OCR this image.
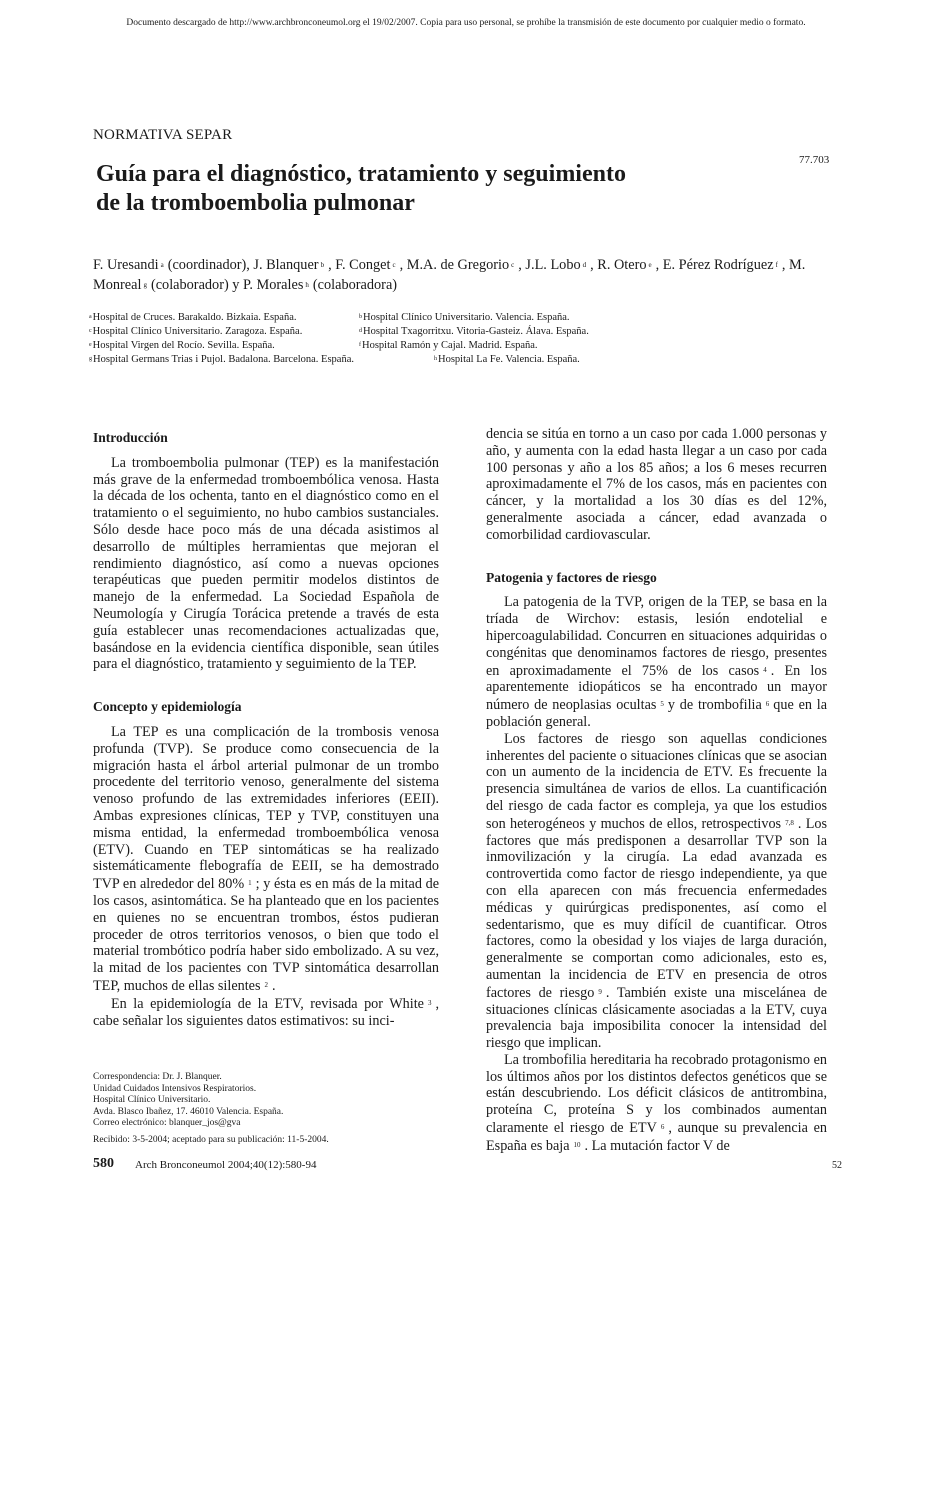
Documento descargado de http://www.archbronconeumol.org el 19/02/2007. Copia para uso personal, se prohíbe la transmisión de este documento por cualquier medio o formato.
NORMATIVA SEPAR
77.703
Guía para el diagnóstico, tratamiento y seguimiento
de la tromboembolia pulmonar
F. Uresandi $^a$ (coordinador), J. Blanquer $^b$ , F. Conget $^c$ , M.A. de Gregorio $^c$ , J.L. Lobo $^d$ , R. Otero $^e$ , E. Pérez Rodríguez $^f$ , M. Monreal $^g$ (colaborador) y P. Morales $^h$ (colaboradora)
$^a$Hospital de Cruces. Barakaldo. Bizkaia. España.	$^b$Hospital Clínico Universitario. Valencia. España.
$^c$Hospital Clínico Universitario. Zaragoza. España.	$^d$Hospital Txagorritxu. Vitoria-Gasteiz. Álava. España.
$^e$Hospital Virgen del Rocío. Sevilla. España.	$^f$Hospital Ramón y Cajal. Madrid. España.
$^g$Hospital Germans Trias i Pujol. Badalona. Barcelona. España.	$^h$Hospital La Fe. Valencia. España.
Introducción

La tromboembolia pulmonar (TEP) es la manifestación más grave de la enfermedad tromboembólica venosa. Hasta la década de los ochenta, tanto en el diagnóstico como en el tratamiento o el seguimiento, no hubo cambios sustanciales. Sólo desde hace poco más de una década asistimos al desarrollo de múltiples herramientas que mejoran el rendimiento diagnóstico, así como a nuevas opciones terapéuticas que pueden permitir modelos distintos de manejo de la enfermedad. La Sociedad Española de Neumología y Cirugía Torácica pretende a través de esta guía establecer unas recomendaciones actualizadas que, basándose en la evidencia científica disponible, sean útiles para el diagnóstico, tratamiento y seguimiento de la TEP.

Concepto y epidemiología

La TEP es una complicación de la trombosis venosa profunda (TVP). Se produce como consecuencia de la migración hasta el árbol arterial pulmonar de un trombo procedente del territorio venoso, generalmente del sistema venoso profundo de las extremidades inferiores (EEII). Ambas expresiones clínicas, TEP y TVP, constituyen una misma entidad, la enfermedad tromboembólica venosa (ETV). Cuando en TEP sintomáticas se ha realizado sistemáticamente flebografía de EEII, se ha demostrado TVP en alrededor del 80% $^1$ ; y ésta es en más de la mitad de los casos, asintomática. Se ha planteado que en los pacientes en quienes no se encuentran trombos, éstos pudieran proceder de otros territorios venosos, o bien que todo el material trombótico podría haber sido embolizado. A su vez, la mitad de los pacientes con TVP sintomática desarrollan TEP, muchos de ellas silentes $^2$ .

En la epidemiología de la ETV, revisada por White $^3$ , cabe señalar los siguientes datos estimativos: su inci-

dencia se sitúa en torno a un caso por cada 1.000 personas y año, y aumenta con la edad hasta llegar a un caso por cada 100 personas y año a los 85 años; a los 6 meses recurren aproximadamente el 7% de los casos, más en pacientes con cáncer, y la mortalidad a los 30 días es del 12%, generalmente asociada a cáncer, edad avanzada o comorbilidad cardiovascular.

Patogenia y factores de riesgo

La patogenia de la TVP, origen de la TEP, se basa en la tríada de Wirchov: estasis, lesión endotelial e hipercoagulabilidad. Concurren en situaciones adquiridas o congénitas que denominamos factores de riesgo, presentes en aproximadamente el 75% de los casos $^4$ . En los aparentemente idiopáticos se ha encontrado un mayor número de neoplasias ocultas $^5$ y de trombofilia $^6$ que en la población general.

Los factores de riesgo son aquellas condiciones inherentes del paciente o situaciones clínicas que se asocian con un aumento de la incidencia de ETV. Es frecuente la presencia simultánea de varios de ellos. La cuantificación del riesgo de cada factor es compleja, ya que los estudios son heterogéneos y muchos de ellos, retrospectivos $^{7,8}$ . Los factores que más predisponen a desarrollar TVP son la inmovilización y la cirugía. La edad avanzada es controvertida como factor de riesgo independiente, ya que con ella aparecen con más frecuencia enfermedades médicas y quirúrgicas predisponentes, así como el sedentarismo, que es muy difícil de cuantificar. Otros factores, como la obesidad y los viajes de larga duración, generalmente se comportan como adicionales, esto es, aumentan la incidencia de ETV en presencia de otros factores de riesgo $^9$ . También existe una miscelánea de situaciones clínicas clásicamente asociadas a la ETV, cuya prevalencia baja imposibilita conocer la intensidad del riesgo que implican.

La trombofilia hereditaria ha recobrado protagonismo en los últimos años por los distintos defectos genéticos que se están descubriendo. Los déficit clásicos de antitrombina, proteína C, proteína S y los combinados aumentan claramente el riesgo de ETV $^6$ , aunque su prevalencia en España es baja $^{10}$ . La mutación factor V de

Correspondencia: Dr. J. Blanquer.
Unidad Cuidados Intensivos Respiratorios.
Hospital Clínico Universitario.
Avda. Blasco Ibañez, 17. 46010 Valencia. España.
Correo electrónico: blanquer_jos@gva
Recibido: 3-5-2004; aceptado para su publicación: 11-5-2004.
580 Arch Bronconeumol 2004;40(12):580-94	52
